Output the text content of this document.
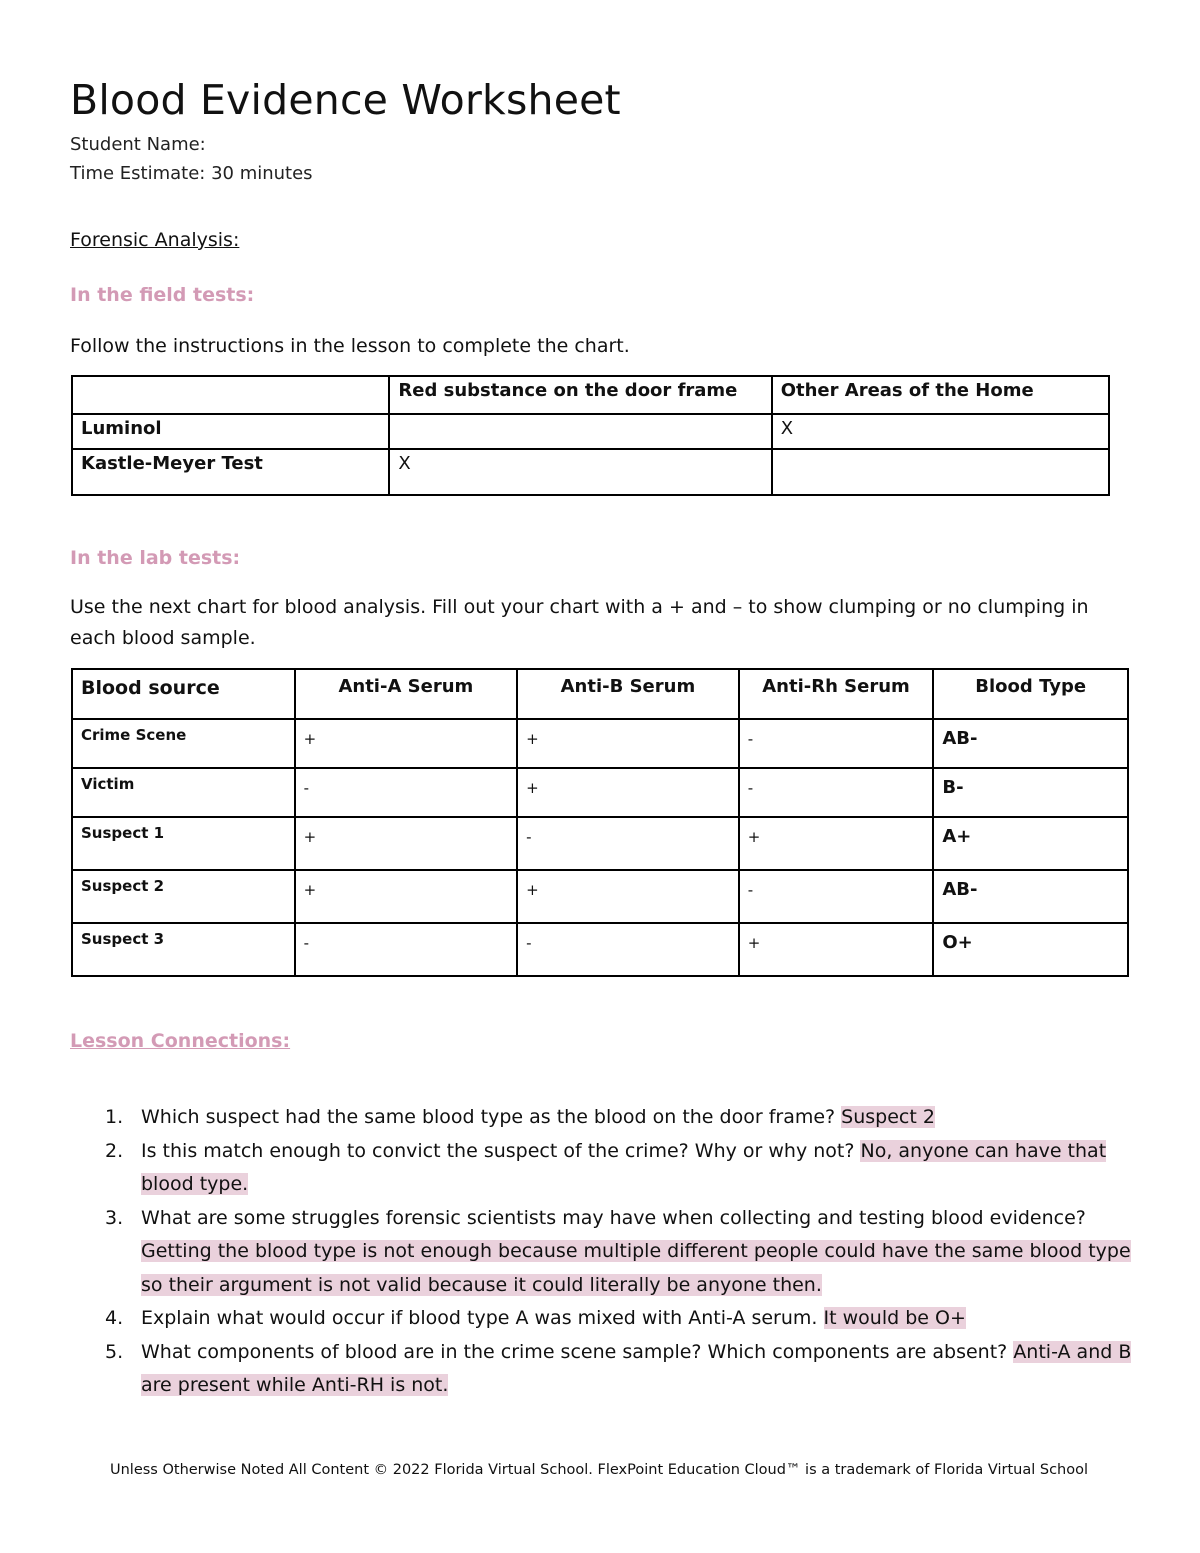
Blood Evidence Worksheet
Student Name:
Time Estimate: 30 minutes
Forensic Analysis:
In the field tests:
Follow the instructions in the lesson to complete the chart.
	Red substance on the door frame	Other Areas of the Home
Luminol		X
Kastle-Meyer Test	X	
In the lab tests:
Use the next chart for blood analysis. Fill out your chart with a + and – to show clumping or no clumping in each blood sample.
Blood source	Anti-A Serum	Anti-B Serum	Anti-Rh Serum	Blood Type
Crime Scene	+	+	-	AB-
Victim	-	+	-	B-
Suspect 1	+	-	+	A+
Suspect 2	+	+	-	AB-
Suspect 3	-	-	+	O+
Lesson Connections:
1. Which suspect had the same blood type as the blood on the door frame? Suspect 2
2. Is this match enough to convict the suspect of the crime? Why or why not? No, anyone can have that blood type.
3. What are some struggles forensic scientists may have when collecting and testing blood evidence? Getting the blood type is not enough because multiple different people could have the same blood type so their argument is not valid because it could literally be anyone then.
4. Explain what would occur if blood type A was mixed with Anti-A serum. It would be O+
5. What components of blood are in the crime scene sample? Which components are absent? Anti-A and B are present while Anti-RH is not.
Unless Otherwise Noted All Content © 2022 Florida Virtual School. FlexPoint Education Cloud™ is a trademark of Florida Virtual School
